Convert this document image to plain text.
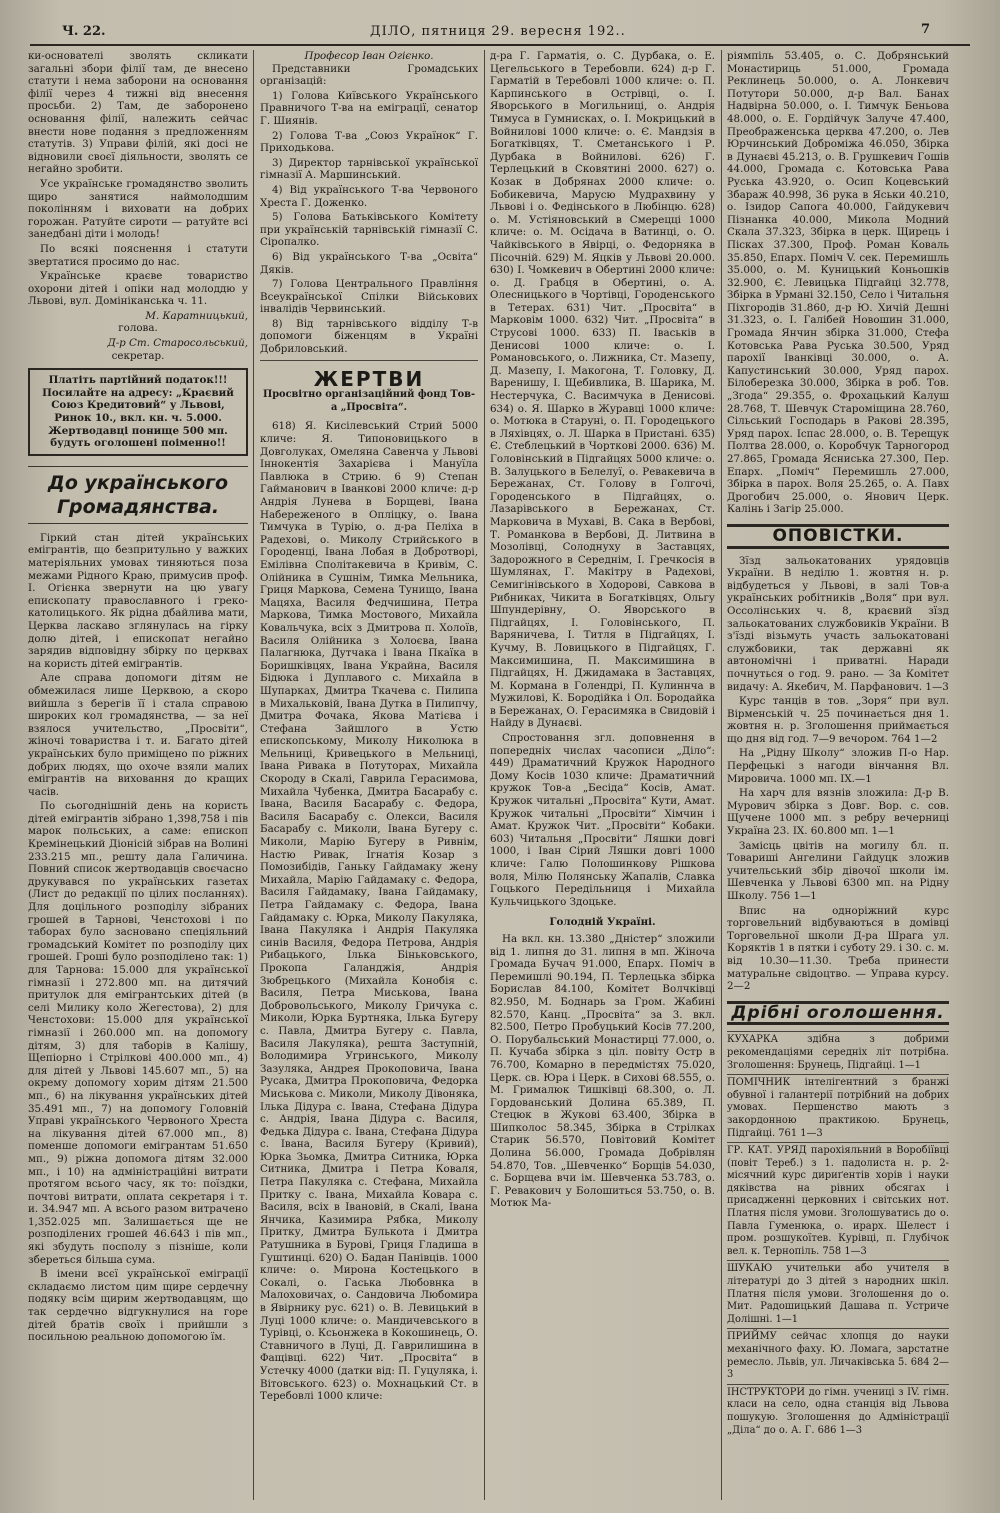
Ч. 22.	ДІЛО, пятниця 29. вересня 192..	7

ки-основатeлі зволять скликати загальні збори філії там, де внесено статути і нема заборони на основання філії через 4 тижні від внесення прoсьби. 2) Там, де заборонено основання філії, належить сейчас внести нове подання з предложенням статутів. 3) Управи філій, які досі не відновили своєї діяльности, зволять се негайно зробити.

Усе українське громадянство зволить щиро занятися наймолодшим поколінням і виховати на добрих горожан. Ратуйте сироти — ратуйте всі занедбані діти і молодь!

По всякі пояснення і статути звертатися просимо до нас.

Українське краєве товариство охорони дітей і опіки над молоддю у Львові, вул. Домініканська ч. 11.

М. Каратницький,

голова.

Д-р Ст. Старосольський,

секретар.

Платіть партійний податок!!! Посилайте на адресу: „Краєвий Союз Кредитовий“ у Львові, Ринок 10., вкл. кн. ч. 5.000. Жертводавці понище 500 мп. будуть оголошені поіменно!!
До українського Громадянства.

Гіркий стан дітей українських емігрантів, що безпритульно у важких матеріяльних умовах тиняються поза межами Рідного Краю, примусив проф. І. Огієнка звернути на цю увагу епископату православного і греко-католицького. Як рідна дбайлива мати, Церква ласкаво зглянулась на гірку долю дітей, і епископат негайно зарядив відповідну збірку по церквах на користь дітей емігрантів.

Але справа допомоги дітям не обмежилася лише Церквою, а скоро вийшла з берегів її і стала справою широких кол громадянства, — за неї взялося учительство, „Просвіти“, жіночі товариства і т. и. Багато дітей українських було приміщено по ріжних добрих людях, що охоче взяли малих емігрантів на виховання до кращих часів.

По сьогоднішній день на користь дітей емігрантів зібрано 1,398,758 і пів марок польських, а саме: епископ Кремінецький Діонісій зібрав на Волині 233.215 мп., решту дала Галичина. Повний список жертводавців своєчасно друкувався по українських газетах (Лист до редакції по цілих посланнях). Для доцільного розподілу зібраних грошей в Тарнові, Ченстохові і по таборах було засновано спеціяльний громадський Комітет по розподілу цих грошей. Гроші було розподілено так: 1) для Тарнова: 15.000 для української гімназії і 272.800 мп. на дитячий притулок для емігрантських дітей (в селі Милику коло Жегестова), 2) для Ченстохови: 15.000 для української гімназії і 260.000 мп. на допомогу дітям, 3) для таборів в Калішу, Щепіорно і Стрілкові 400.000 мп., 4) для дітей у Львові 145.607 мп., 5) на окрему допомогу хорим дітям 21.500 мп., 6) на лікування українських дітей 35.491 мп., 7) на допомогу Головній Управі українського Червоного Хреста на лікування дітей 67.000 мп., 8) поменше допомоги емігрантам 51.650 мп., 9) ріжна допомога дітям 32.000 мп., і 10) на адміністраційні витрати протягом всього часу, як то: поїздки, почтові витрати, оплата секретаря і т. и. 34.947 мп. А всього разом витрачено 1,352.025 мп. Залишається ще не розподілених грошей 46.643 і пів мп., які збудуть посполу з пізніше, коли збереться більша сума.

В імени всєї української еміграції складаємо листом цим щире сердечну подяку всім щирим жертводавцям, що так сердечно відгукнулися на горе дітей братів своїх і прийшли з посильною реальною допомогою їм.

Професор Іван Огієнко.

Представники Громадських організацій:

1) Голова Київського Українського Правничого Т-ва на еміграції, сенатор Г. Шиянів.

2) Голова Т-ва „Союз Українок“ Г. Приходькова.

3) Директор тарнівської української гімназії А. Маршинський.

4) Від українського Т-ва Червоного Хреста Г. Доженко.

5) Голова Батьківського Комітету при українській тарнівській гімназії С. Сіропалко.

6) Від українського Т-ва „Освіта“ Дяків.

7) Голова Центрального Правління Всеукраїнської Спілки Військових інвалідів Червинський.

8) Від тарнівського відділу Т-в допомоги біженцям в Україні Добриловський.

ЖЕРТВИ

Просвітно організаційний фонд Тов-а „Просвіта“.

618) Я. Кисілевський Стрий 5000 кличе: Я. Типоновицького в Довголуках, Омеляна Савенча у Львові Іннокентія Захарієва і Мануїла Павлюка в Стрию. 6 9) Степан Гайманович в Іванкові 2000 кличе: д-р Андрія Лунева в Борщеві, Івана Набереженого в Опліцку, о. Івана Тимчука в Турію, о. д-ра Пеліха в Радехові, о. Миколу Стрийського в Городенці, Івана Лобая в Добротворі, Емілівна Сполітакевича в Кривім, С. Олійника в Сушнім, Тимка Мельника, Гриця Маркова, Семена Тунищо, Івана Мацяха, Василя Федчишина, Петра Маркова, Тимка Мостового, Михайла Ковальчука, всіх з Дмитрова п. Холоїв, Василя Олійника з Холоєва, Івана Палагнюка, Дутчака і Івана Пкаїка в Боришківцях, Івана Украйна, Василя Бідюка і Дуплавого с. Михайла в Шупарках, Дмитра Ткачева с. Пилипа в Михальковій, Івана Дутка в Пилипчу, Дмитра Фочака, Якова Матієва і Стефана Зайшлого в Устю епископському, Миколу Николюка в Мельниці, Кривецького в Мельниці, Івана Ривака в Потуторах, Михайла Скороду в Скалі, Гаврила Герасимова, Михайла Чубенка, Дмитра Басарабу с. Івана, Василя Басарабу с. Федора, Василя Басарабу с. Олекси, Василя Басарабу с. Миколи, Івана Бугеру с. Миколи, Марію Бугеру в Ривнім, Настю Ривак, Ігнатія Козар з Помозибідів, Ганьку Гайдамаку жену Михайла, Марію Гайдамаку с. Федора, Василя Гайдамаку, Івана Гайдамаку, Петра Гайдамаку с. Федора, Івана Гайдамаку с. Юрка, Миколу Пакуляка, Івана Пакуляка і Андрія Пакуляка синів Василя, Федора Петрова, Андрія Рибацького, Ількa Біньковського, Прокопа Галанджія, Андрія Зюбрецького (Михайла Конобія с. Василя, Петра Миськова, Івана Добровольського, Миколу Гричука с. Миколи, Юрка Буртняка, Ількa Бугеру с. Павла, Дмитра Бугеру с. Павла, Василя Лакуляка), решта Заступній, Володимира Угринського, Миколу Зазуляка, Андрея Прокоповича, Івана Русака, Дмитра Прокоповича, Федорка Миськова с. Миколи, Миколу Дівоняка, Ількa Дідура с. Івана, Стефана Дідура с. Андрія, Івана Дідура с. Василя, Федька Дідура с. Івана, Стефана Дідура с. Івана, Василя Бугеру (Кривий), Юрка Зьомка, Дмитра Ситника, Юрка Ситника, Дмитра і Петра Коваля, Петра Пакуляка с. Стефана, Михайла Притку с. Івана, Михайла Ковара с. Василя, всіх в Івановій, в Скалі, Івана Янчика, Казимира Рябка, Миколу Притку, Дмитра Булькота і Дмитра Ратушника в Бурові, Гриця Гладиша в Гуштинці. 620) О. Бадан Панівців. 1000 кличе: о. Мирона Костецького в Сокалі, о. Гаська Любовнка в Малоховичах, о. Сандовичa Любомира в Явірнику руc. 621) о. В. Левицький в Луці 1000 кличе: о. Мандичевського в Турівці, о. Ксьонжека в Кокошинець, О. Ставничого в Луці, Д. Гаврилишина в Фащівці. 622) Чит. „Просвіта“ в Устечку 4000 (датки від: П. Гуцуляка, і. Вітовського. 623) о. Мохнацький Ст. в Теребовлі 1000 кличе:

д-ра Г. Гарматія, о. С. Дурбака, о. Е. Цегельського в Теребовли. 624) д-р Г. Гарматій в Теребовлі 1000 кличе: о. П. Карпинського в Острівці, о. І. Яворського в Могильниці, о. Андрія Тимуса в Гумнисках, о. І. Мокрицький в Войнилові 1000 кличе: о. Є. Мандзія в Богатківцях, Т. Сметанського і Р. Дурбака в Войнилові. 626) Г. Терлецький в Сковятині 2000. 627) о. Козак в Добрянах 2000 кличе: о. Бобикевича, Марусю Мудрахвину у Львові і о. Федінського в Любінцю. 628) о. М. Устіяновський в Смерецці 1000 кличе: о. М. Осідача в Ватинці, о. О. Чайківського в Явірці, о. Федорняка в Пісочній. 629) М. Яцків у Львові 20.000. 630) І. Чомкевич в Обертині 2000 кличе: о. Д. Грабця в Обертині, о. А. Олесницького в Чортівці, Городенського в Тетерах. 631) Чит. „Просвіта“ в Марковім 1000. 632) Чит. „Просвіта“ в Струсові 1000. 633) П. Іваськів в Денисові 1000 кличе: о. І. Романовського, о. Лижника, Ст. Мазепу, Д. Мазепу, І. Макогона, Т. Головку, Д. Варенишу, І. Щебивлика, В. Шарика, М. Нестерчука, С. Васимчука в Денисові. 634) о. Я. Шарко в Журавці 1000 кличе: о. Мотюка в Старуні, о. П. Городецького в Ляхівцях, о. Л. Шарка в Пристані. 635) Є. Стеблецький в Чорткові 2000. 636) М. Головінський в Підгайцях 5000 кличе: о. В. Залуцького в Белелуї, о. Ревакевича в Бережанах, Ст. Голову в Голгочі, Городенського в Підгайцях, о. Лазарівського в Бережанах, Ст. Марковича в Мухаві, В. Сака в Вербові, Т. Романкова в Вербові, Д. Литвина в Мозолівці, Солоднуху в Заставцях, Задорожного в Середнім, І. Гречкосія в Шумлянах, Г. Макітру в Радехові, Семигінівського в Ходорові, Савкова в Рибниках, Чикита в Богатківцях, Ольгу Шпундерівну, О. Яворського в Підгайцях, І. Головінського, П. Варяничева, І. Титля в Підгайцях, І. Кучму, В. Ловицького в Підгайцях, Г. Максимишина, П. Максимишина в Підгайцях, Н. Джидамака в Заставцях, М. Кормана в Голендрі, П. Кулиннча в Мужилові, К. Бородійка і Ол. Бородайка в Бережанах, О. Герасимяка в Свидовій і Найду в Дунаєві.

Спростовання згл. доповнення в попередніх числах часописи „Діло“: 449) Драматичний Кружок Народного Дому Косів 1030 кличе: Драматичний кружок Тов-а „Бесіда“ Косів, Амат. Кружок читальні „Просвіта“ Кути, Амат. Кружок читальні „Просвіти“ Хімчин і Амат. Кружок Чит. „Просвіти“ Кобаки. 603) Читальня „Просвіти“ Ляшки довгі 1000, і Іван Сірий Ляшки довгі 1000 кличе: Галю Полошинкову Рішкова воля, Мілю Полянську Жапалів, Славка Гоцького Передільниця і Михайла Кульчицького Здоцьке.

Голодній Україні.

На вкл. кн. 13.380 „Дністер“ зложили від 1. липня до 31. липня в мп. Жіноча Громада Бучач 91.000, Епарх. Поміч в Перемишлі 90.194, П. Терлецька збірка Борислав 84.100, Комітет Волчківці 82.950, М. Боднарь за Гром. Жабині 82.570, Канц. „Просвіта“ за 3. вкл. 82.500, Петро Пробуцький Косів 77.200, О. Порубальський Монастирці 77.000, о. П. Кучаба збірка з ціл. повіту Остр в 76.700, Комарно в передмістях 75.020, Церк. св. Юра і Церк. в Сихові 68.555, о. М. Грималюк Тишківці 68.300, о. Л. Гордованський Долина 65.389, П. Стецюк в Жуковi 63.400, Збірка в Шипколос 58.345, Збірка в Стрілках Старик 56.570, Повітовий Комітет Долина 56.000, Громада Добрівлян 54.870, Тов. „Шевченко“ Борщів 54.030, с. Борщева вчи ім. Шевченка 53.783, о. Г. Ревакович у Болошиться 53.750, о. В. Мотюк Ма-

ріямпіль 53.405, о. С. Добрянський Монастириць 51.000, Громада Реклинець 50.000, о. А. Лонкевич Потутори 50.000, д-р Вал. Банах Надвірна 50.000, о. І. Тимчук Беньова 48.000, о. Е. Гордійчук Залуче 47.400, Преображенська церква 47.200, о. Лев Юрчинський Доброміжа 46.050, Збірка в Дунаєві 45.213, о. В. Грушкевич Гошів 44.000, Громада с. Котовська Рава Руська 43.920, о. Осип Коцевський Збараж 40.998, 36 рука в Яськи 40.210, о. Ізидор Сапога 40.000, Гайдукевич Пізнанка 40.000, Микола Модний Скала 37.323, Збірка в церк. Щирець і Пісках 37.300, Проф. Роман Коваль 35.850, Епарх. Поміч V. сек. Перемишль 35.000, о. М. Куницький Коньошків 32.900, Є. Левицька Підгайці 32.778, Збірка в Урмані 32.150, Село і Читальня Піхгородів 31.860, д-р Ю. Хичій Дешні 31.323, о. І. Галібей Новошин 31.000, Громада Янчин збірка 31.000, Стефа Котовська Рава Руська 30.500, Уряд парохії Іванківці 30.000, о. А. Капустинський 30.000, Уряд парох. Білоберезка 30.000, Збірка в роб. Тов. „Згода“ 29.355, о. Фрохацький Калуш 28.768, Т. Шевчук Староміщина 28.760, Сільський Господарь в Ракові 28.395, Уряд парох. Іспас 28.000, о. В. Терещук Полтва 28.000, о. Коробчук Тарногород 27.865, Громада Ясниська 27.300, Пер. Епарх. „Поміч“ Перемишль 27.000, Збірка в парох. Воля 25.265, о. А. Павх Дрогобич 25.000, о. Янович Церк. Калінь і Загір 25.000.

ОПОВІСТКИ.

Зїзд зальокатованих урядовців України. В неділю 1. жовтня н. р. відбудеться у Львові, в залі Тов-а українських робітників „Воля“ при вул. Оссолінських ч. 8, краєвий зїзд зальокатованих службовиків України. В з'їзді візьмуть участь зальокатовані службовики, так державні як автономічні і приватні. Наради почнуться о год. 9. рано. — За Комітет видачу: А. Якебич, М. Парфанович. 1—3

Курс танців в тов. „Зоря“ при вул. Вірменській ч. 25 починається дня 1. жовтня н. р. Зголошення приймається що дня від год. 7—9 вечором. 764 1—2

На „Рідну Школу“ зложив П-о Нар. Перфецькі з нагоди вінчання Вл. Мировича. 1000 мп. IX.—1

На харч для вязнів зложила: Д-р В. Мурович збірка з Довг. Вор. с. сов. Щучене 1000 мп. з ребру вечерниці Україна 23. IX. 60.800 мп. 1—1

Замісць цвітів на могилу бл. п. Товариші Ангелини Гайдуцк зложив учительський збір дівочої школи ім. Шевченка у Львові 6300 мп. на Рідну Школу. 756 1—1

Впис на одноріжний курс торговельний відбуваються в домівці Торговельної школи Д-ра Шрага ул. Коряктів 1 в пятки і суботу 29. і 30. с. м. від 10.30—11.30. Треба принести матуральне свідоцтво. — Управа курсу. 2—2

Дрібні оголошення.

КУХАРКА здібна з добрими рекомендаціями середніх літ потрібна. Зголошення: Брунець, Підгайці. 1—1

ПОМІЧНИК інтелігентний з бранжі обувної і галантерії потрібний на добрих умовах. Першенство мають з закордонною практикою. Брунець, Підгайці. 761 1—3

ГР. КАТ. УРЯД парохіяльний в Воробіївці (повіт Тереб.) з 1. падолиста н. р. 2-місячний курс дириґентів хорів і науки дяківства на рівних обсягах і присадженні церковних і світських нот. Платня після умови. Зголошуватись до о. Павла Гуменюка, о. ирарх. Шелест і пром. розшукоїтев. Курівці, п. Глубічок вел. к. Тернопіль. 758 1—3

ШУКАЮ учительки або учителя в літературі до 3 дітей з народних шкіл. Платня після умови. Зголошення до о. Мит. Радошицький Дашава п. Устриче Долішні. 1—1

ПРИЙМУ сейчас хлопця до науки механічного фаху. Ю. Ломага, зарстатне ремесло. Львів, ул. Личаківська 5. 684 2—3

ІНСТРУКТОРИ до гімн. учениці з IV. гімн. класи на село, одна станція від Львова пошукую. Зголошення до Адміністрації „Діла“ до о. А. Г. 686 1—3
